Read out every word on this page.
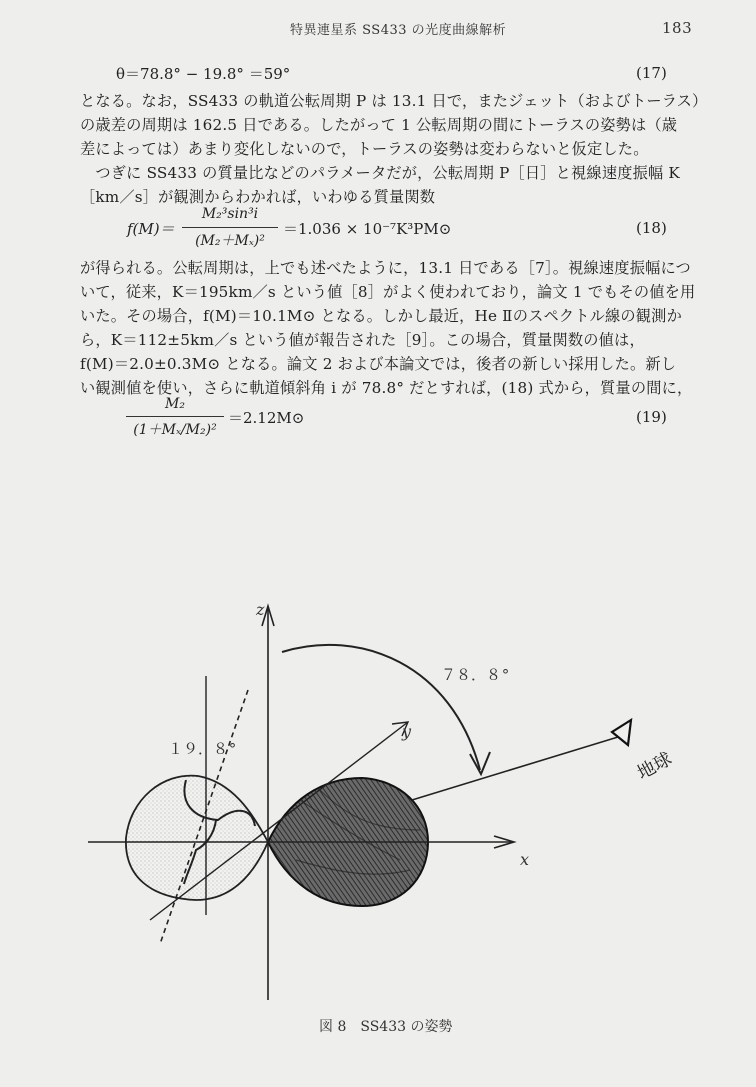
特異連星系 SS433 の光度曲線解析	183
θ＝78.8° − 19.8° ＝59°	(17)
となる。なお，SS433 の軌道公転周期 P は 13.1 日で，またジェット（およびトーラス）
の歳差の周期は 162.5 日である。したがって 1 公転周期の間にトーラスの姿勢は（歳
差によっては）あまり変化しないので，トーラスの姿勢は変わらないと仮定した。
　つぎに SS433 の質量比などのパラメータだが，公転周期 P［日］と視線速度振幅 K
［km／s］が観測からわかれば，いわゆる質量関数
f(M)＝
M₂³sin³i
(M₂＋Mₓ)²
＝1.036 × 10⁻⁷K³PM⊙	(18)
が得られる。公転周期は，上でも述べたように，13.1 日である［7］。視線速度振幅につ
いて，従来，K＝195km／s という値［8］がよく使われており，論文 1 でもその値を用
いた。その場合，f(M)＝10.1M⊙ となる。しかし最近，He Ⅱのスペクトル線の観測か
ら，K＝112±5km／s という値が報告された［9］。この場合，質量関数の値は，
f(M)＝2.0±0.3M⊙ となる。論文 2 および本論文では，後者の新しい採用した。新し
い観測値を使い，さらに軌道傾斜角 i が 78.8° だとすれば，(18) 式から，質量の間に，
M₂
(1＋Mₓ/M₂)²
＝2.12M⊙	(19)
z
y
x
７８．８°
１９．８°	地球
図 8　SS433 の姿勢
